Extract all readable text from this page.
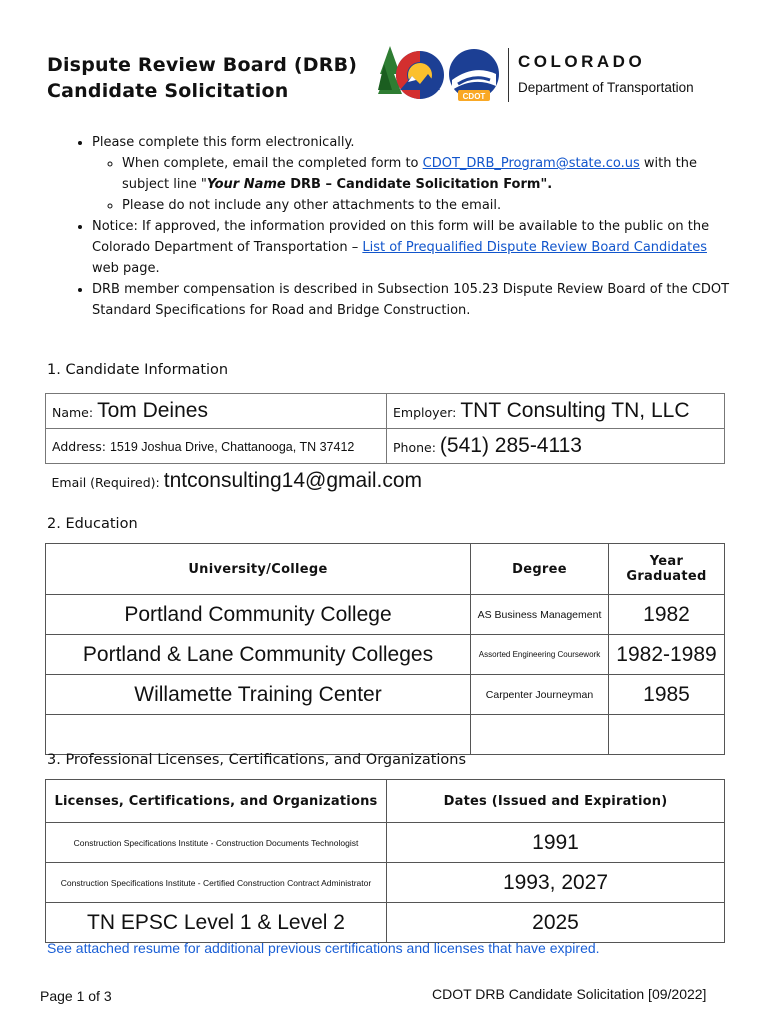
Dispute Review Board (DRB)
Candidate Solicitation	CDOT
COLORADO
Department of Transportation
• Please complete this form electronically.
◦ When complete, email the completed form to CDOT_DRB_Program@state.co.us with the subject line "Your Name DRB – Candidate Solicitation Form".
◦ Please do not include any other attachments to the email.
• Notice: If approved, the information provided on this form will be available to the public on the Colorado Department of Transportation – List of Prequalified Dispute Review Board Candidates web page.
• DRB member compensation is described in Subsection 105.23 Dispute Review Board of the CDOT Standard Specifications for Road and Bridge Construction.
1. Candidate Information
Name: Tom Deines	Employer: TNT Consulting TN, LLC
Address: 1519 Joshua Drive, Chattanooga, TN 37412	Phone: (541) 285-4113
Email (Required): tntconsulting14@gmail.com	
2. Education
University/College	Degree	Year
Graduated
Portland Community College	AS Business Management	1982
Portland & Lane Community Colleges	Assorted Engineering Coursework	1982-1989
Willamette Training Center	Carpenter Journeyman	1985

3. Professional Licenses, Certifications, and Organizations
Licenses, Certifications, and Organizations	Dates (Issued and Expiration)
Construction Specifications Institute - Construction Documents Technologist	1991
Construction Specifications Institute - Certified Construction Contract Administrator	1993, 2027
TN EPSC Level 1 & Level 2	2025
See attached resume for additional previous certifications and licenses that have expired.
Page 1 of 3	CDOT DRB Candidate Solicitation [09/2022]
